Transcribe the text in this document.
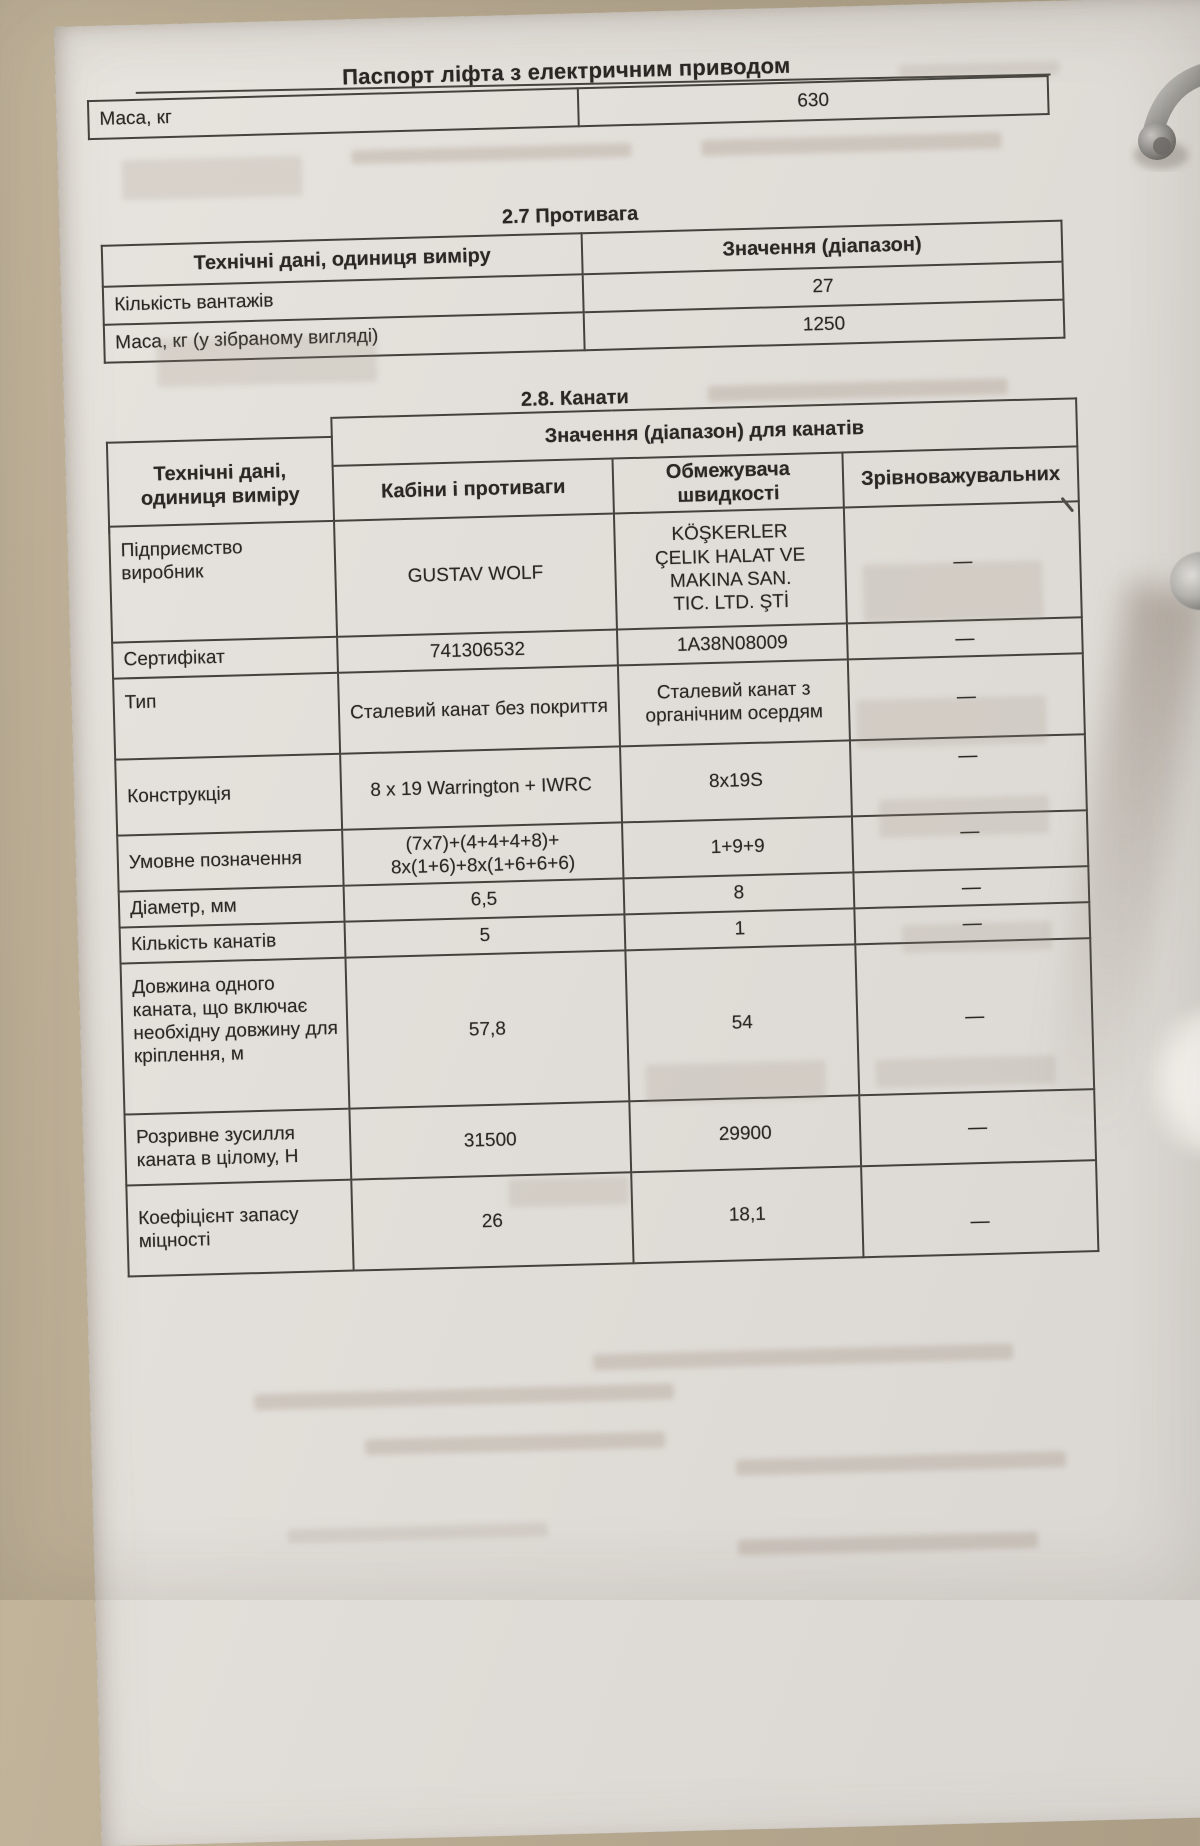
Паспорт ліфта з електричним приводом
Маса, кг	630
2.7 Противага
Технічні дані, одиниця виміру	Значення (діапазон)
Кількість вантажів	27
Маса, кг (у зібраному вигляді)	1250
2.8. Канати
Технічні дані, одиниця виміру	Значення (діапазон) для канатів		
	Кабіни і противаги	Обмежувача швидкості	Зрівноважувальних
Підприємство виробник	GUSTAV WOLF	KÖŞKERLER
ÇELIK HALAT VE
MAKINA SAN.
TIC. LTD. ŞTİ	—
Сертифікат	741306532	1A38N08009	—
Тип	Сталевий канат без покриття	Сталевий канат з органічним осердям	—
Конструкція	8 x 19 Warrington + IWRC	8x19S	—
Умовне позначення	(7x7)+(4+4+4+8)+ 8x(1+6)+8x(1+6+6+6)	1+9+9	—
Діаметр, мм	6,5	8	—
Кількість канатів	5	1	—
Довжина одного каната, що включає необхідну довжину для кріплення, м	57,8	54	—
Розривне зусилля каната в цілому, Н	31500	29900	—
Коефіцієнт запасу міцності	26	18,1	—
